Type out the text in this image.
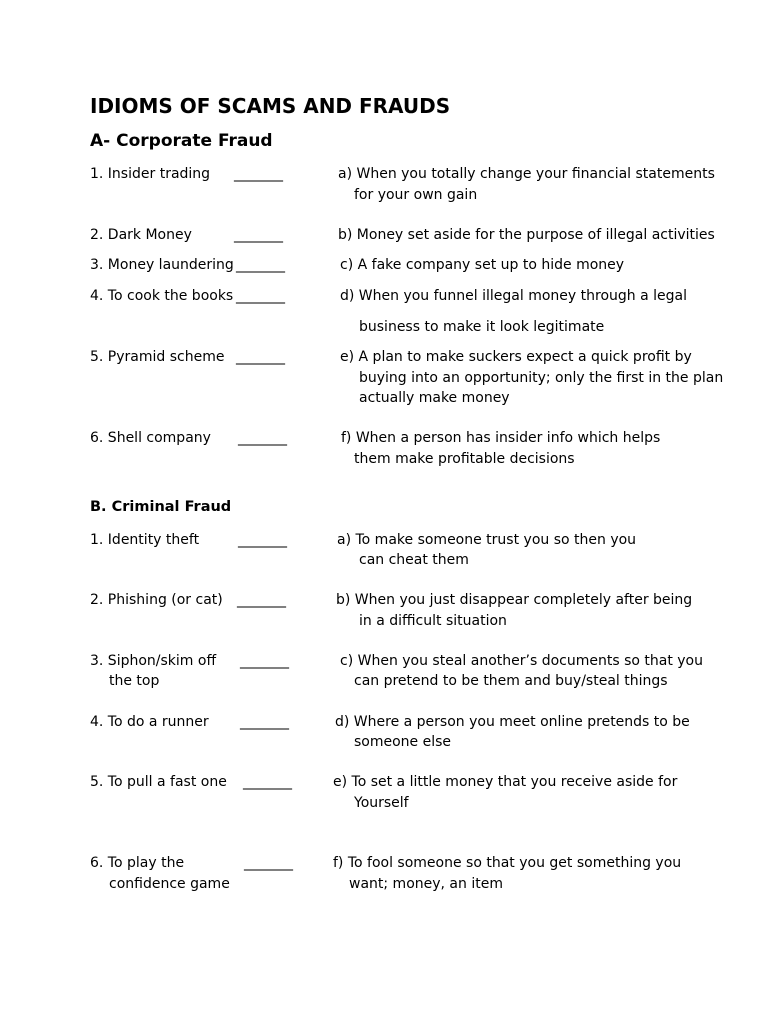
IDIOMS OF SCAMS AND FRAUDS
A- Corporate Fraud
1. Insider trading _______	a) When you totally change your financial statements
for your own gain
2. Dark Money	_______	b) Money set aside for the purpose of illegal activities
3. Money laundering _______	c) A fake company set up to hide money
4. To cook the books _______	d) When you funnel illegal money through a legal
business to make it look legitimate
5. Pyramid scheme _______	e) A plan to make suckers expect a quick profit by
buying into an opportunity; only the first in the plan
actually make money
6. Shell company _______	f) When a person has insider info which helps
them make profitable decisions
B. Criminal Fraud
1. Identity theft	_______	a) To make someone trust you so then you
can cheat them
2. Phishing (or cat) _______	b) When you just disappear completely after being
in a difficult situation
3. Siphon/skim off
the top
_______	c) When you steal another’s documents so that you
can pretend to be them and buy/steal things
4. To do a runner _______	d) Where a person you meet online pretends to be
someone else
5. To pull a fast one _______	e) To set a little money that you receive aside for
Yourself
6. To play the
confidence game
_______	f) To fool someone so that you get something you
want; money, an item
